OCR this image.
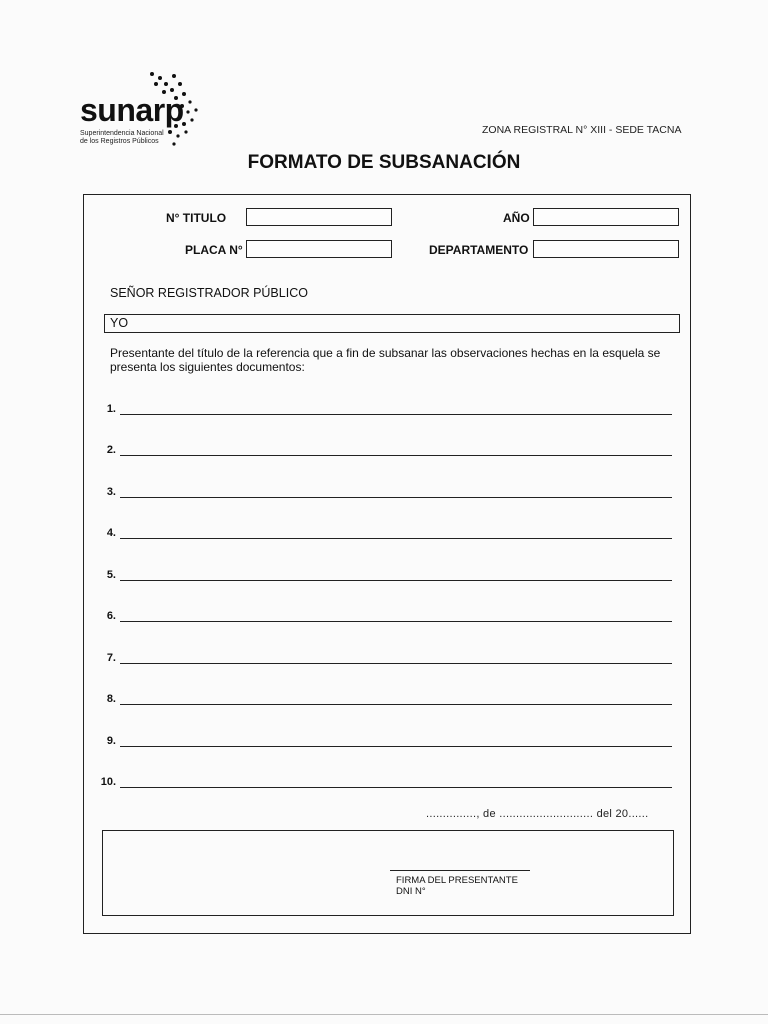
sunarp
Superintendencia Nacional
de los Registros Públicos
ZONA REGISTRAL N° XIII - SEDE TACNA
FORMATO DE SUBSANACIÓN
N° TITULO	AÑO
PLACA N°	DEPARTAMENTO
SEÑOR REGISTRADOR PÚBLICO
YO
Presentante del título de la referencia que a fin de subsanar las observaciones hechas en la esquela se presenta los siguientes documentos:
1.
2.
3.
4.
5.
6.
7.
8.
9.
10.
..............., de ............................ del 20......
FIRMA DEL PRESENTANTE
DNI N°
